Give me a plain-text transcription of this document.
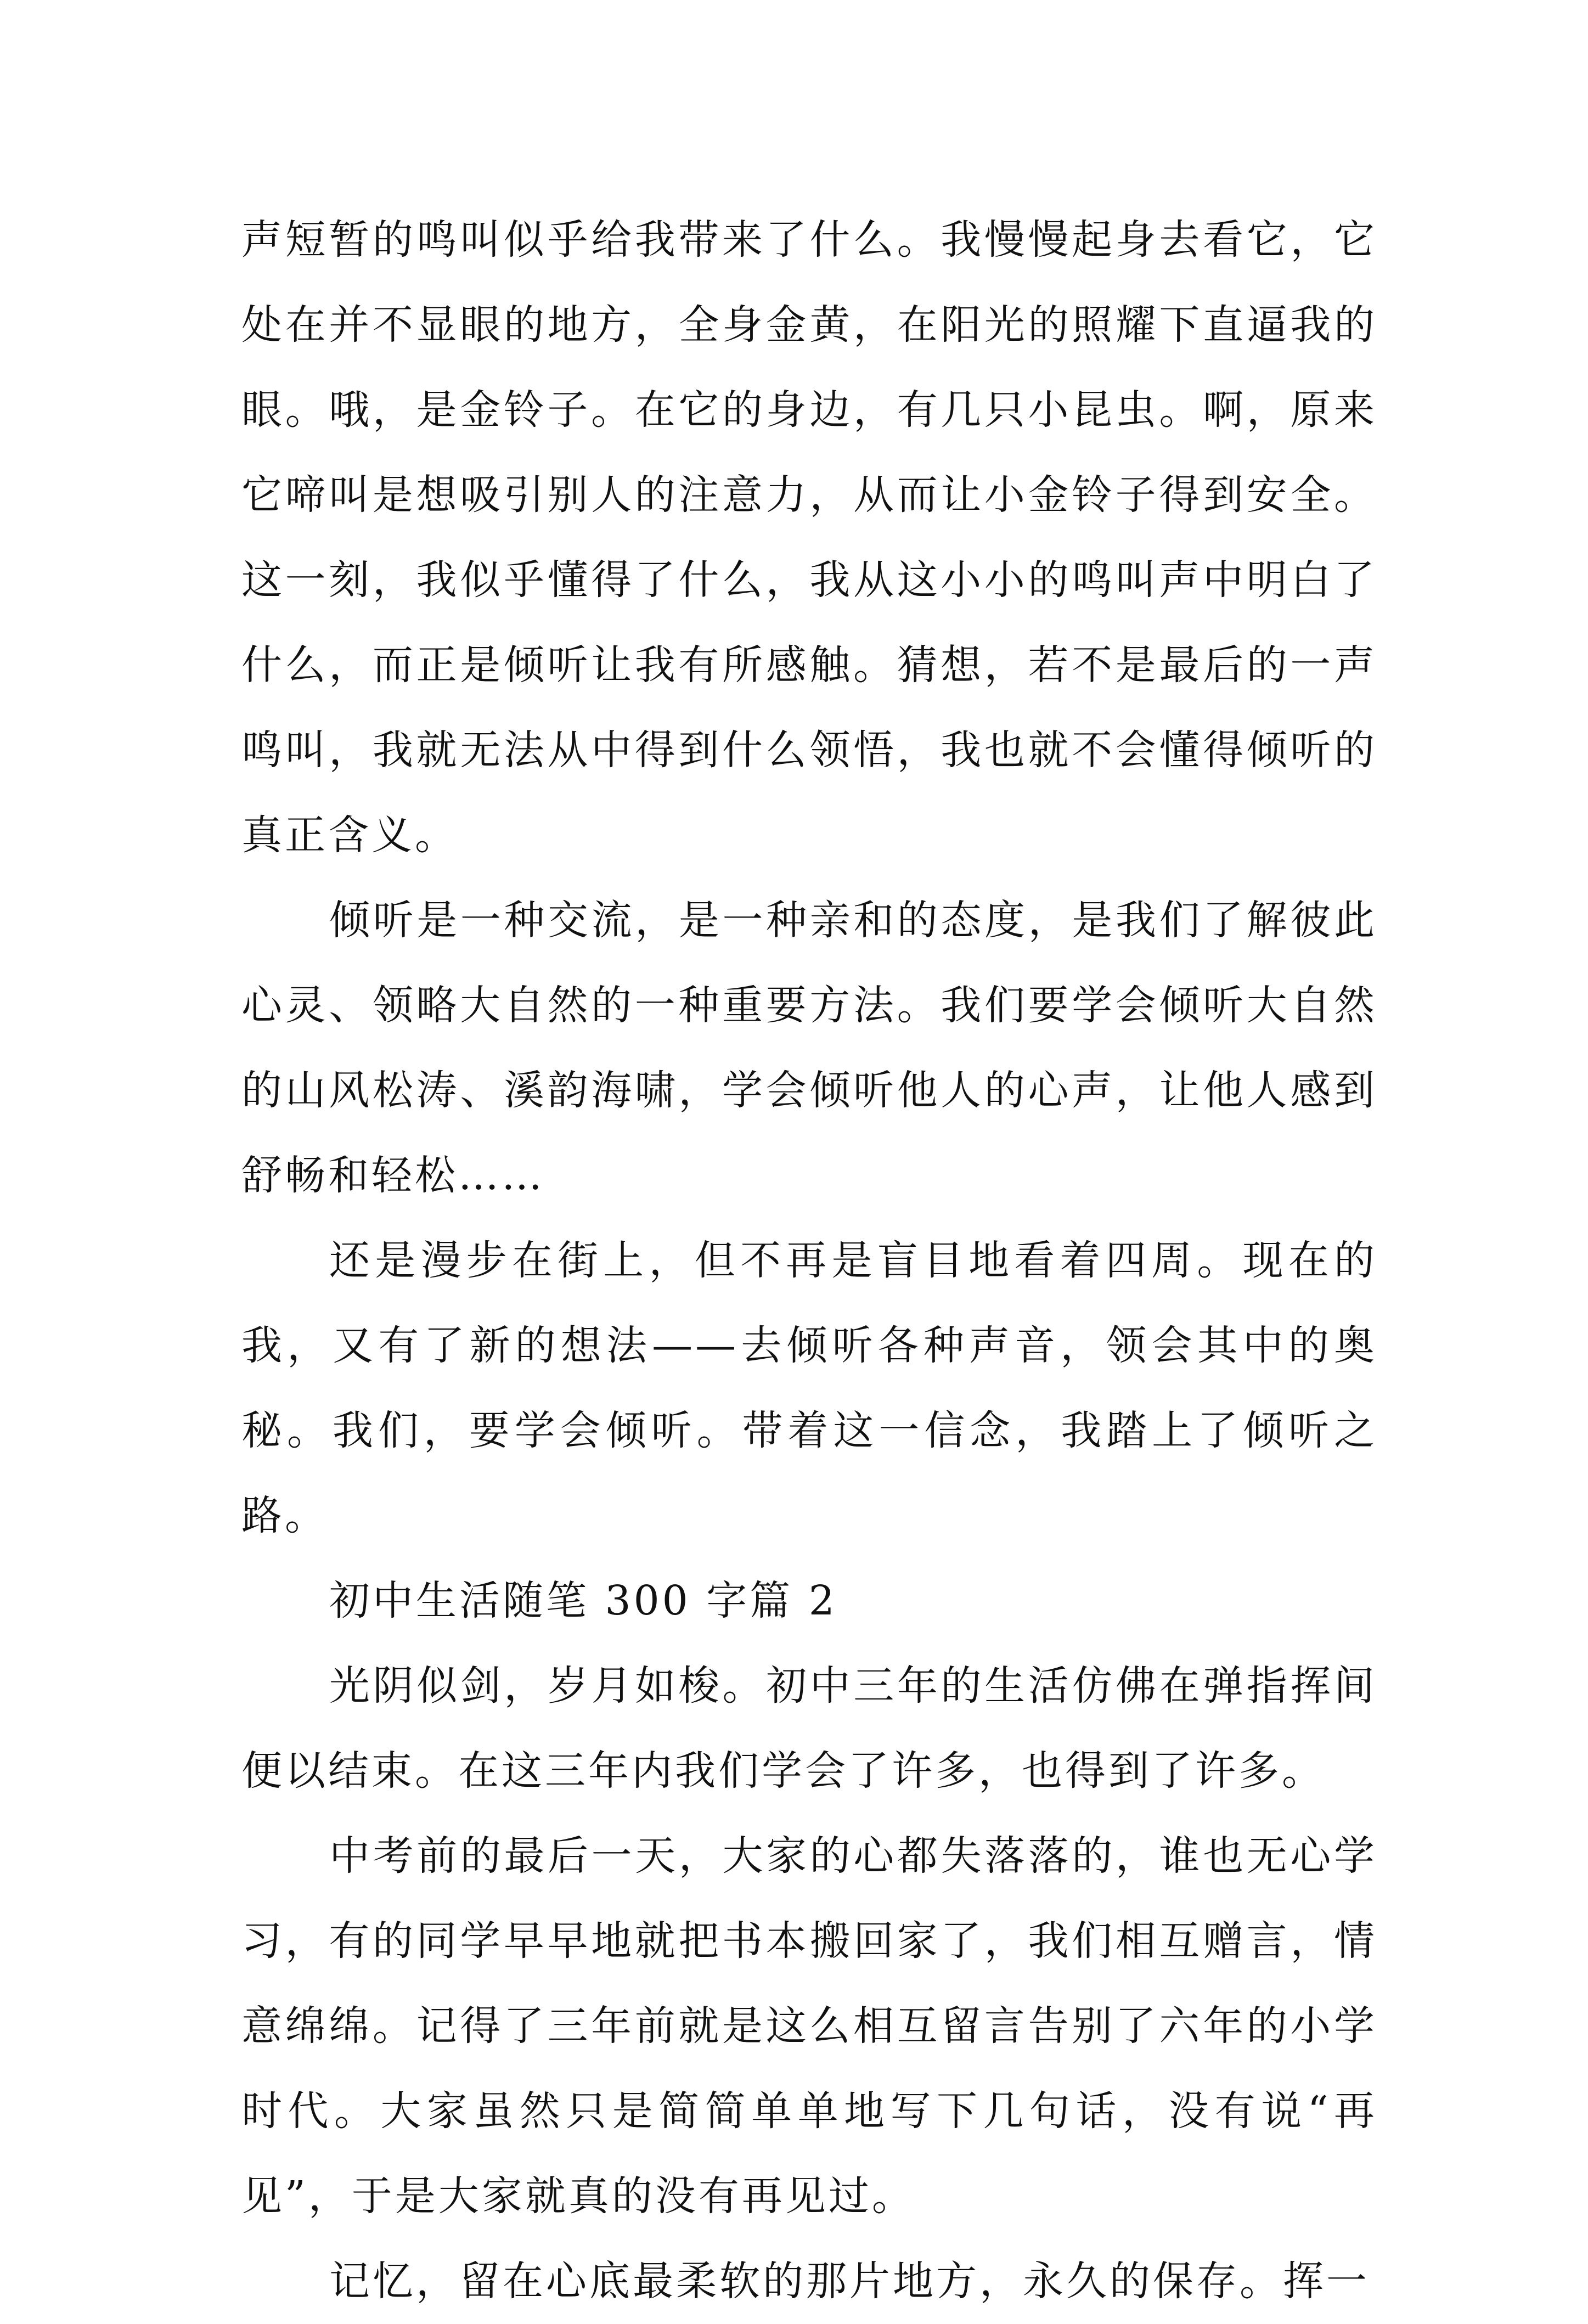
声短暂的鸣叫似乎给我带来了什么。我慢慢起身去看它，它处在并不显眼的地方，全身金黄，在阳光的照耀下直逼我的眼。哦，是金铃子。在它的身边，有几只小昆虫。啊，原来它啼叫是想吸引别人的注意力，从而让小金铃子得到安全。这一刻，我似乎懂得了什么，我从这小小的鸣叫声中明白了什么，而正是倾听让我有所感触。猜想，若不是最后的一声鸣叫，我就无法从中得到什么领悟，我也就不会懂得倾听的真正含义。

倾听是一种交流，是一种亲和的态度，是我们了解彼此心灵、领略大自然的一种重要方法。我们要学会倾听大自然的山风松涛、溪韵海啸，学会倾听他人的心声，让他人感到舒畅和轻松……

还是漫步在街上，但不再是盲目地看着四周。现在的我，又有了新的想法——去倾听各种声音，领会其中的奥秘。我们，要学会倾听。带着这一信念，我踏上了倾听之路。

初中生活随笔 300 字篇 2

光阴似剑，岁月如梭。初中三年的生活仿佛在弹指挥间便以结束。在这三年内我们学会了许多，也得到了许多。

中考前的最后一天，大家的心都失落落的，谁也无心学习，有的同学早早地就把书本搬回家了，我们相互赠言，情意绵绵。记得了三年前就是这么相互留言告别了六年的小学时代。大家虽然只是简简单单地写下几句话，没有说“再见”，于是大家就真的没有再见过。

记忆，留在心底最柔软的那片地方，永久的保存。挥一
